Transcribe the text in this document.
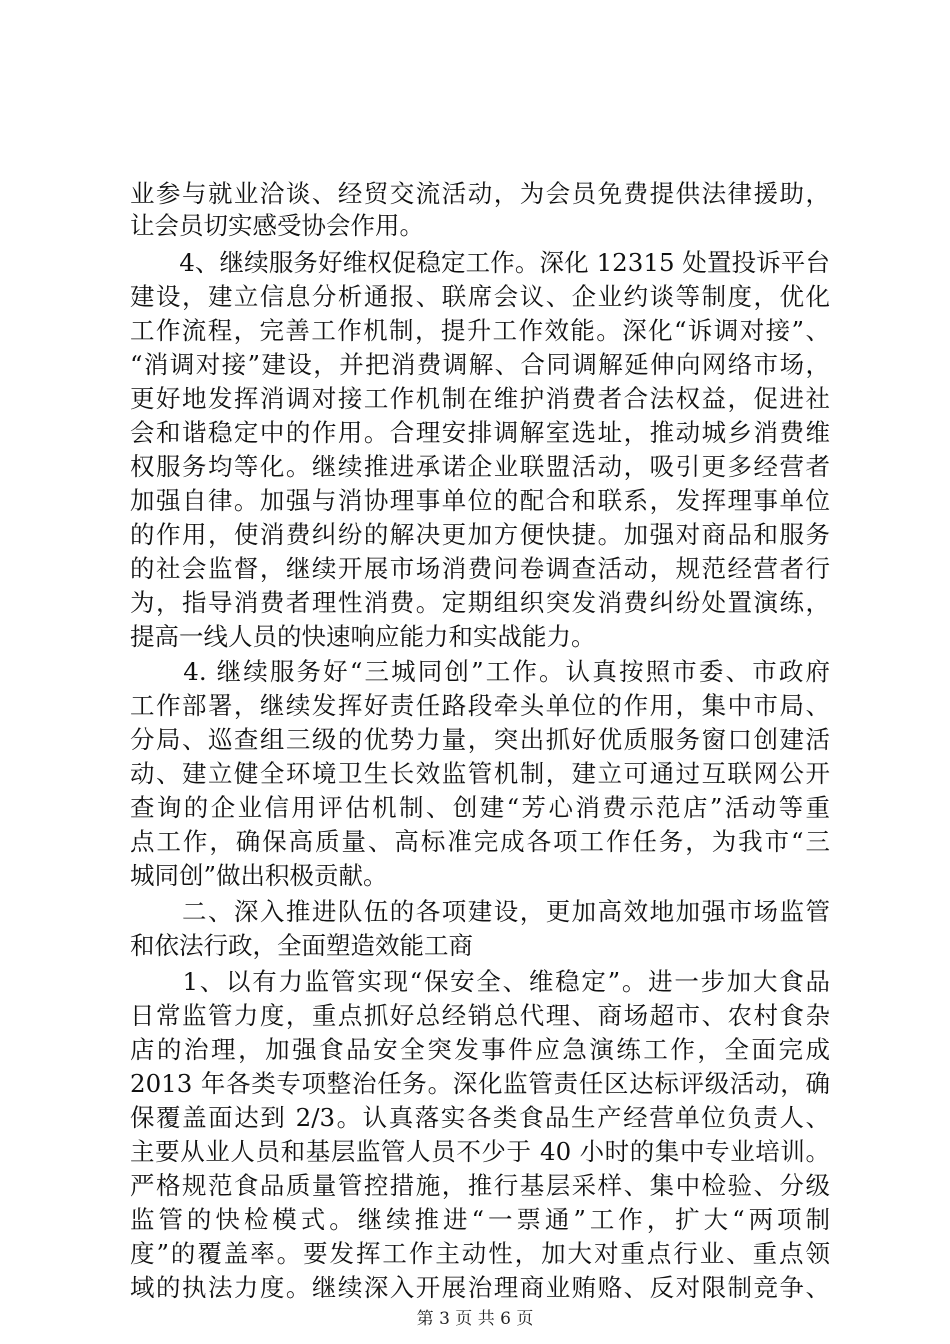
业参与就业洽谈、经贸交流活动，为会员免费提供法律援助，
让会员切实感受协会作用。
　　4、继续服务好维权促稳定工作。深化 12315 处置投诉平台
建设，建立信息分析通报、联席会议、企业约谈等制度，优化
工作流程，完善工作机制，提升工作效能。深化“诉调对接”、
“消调对接”建设，并把消费调解、合同调解延伸向网络市场，
更好地发挥消调对接工作机制在维护消费者合法权益，促进社
会和谐稳定中的作用。合理安排调解室选址，推动城乡消费维
权服务均等化。继续推进承诺企业联盟活动，吸引更多经营者
加强自律。加强与消协理事单位的配合和联系，发挥理事单位
的作用，使消费纠纷的解决更加方便快捷。加强对商品和服务
的社会监督，继续开展市场消费问卷调查活动，规范经营者行
为，指导消费者理性消费。定期组织突发消费纠纷处置演练，
提高一线人员的快速响应能力和实战能力。
　　4. 继续服务好“三城同创”工作。认真按照市委、市政府
工作部署，继续发挥好责任路段牵头单位的作用，集中市局、
分局、巡查组三级的优势力量，突出抓好优质服务窗口创建活
动、建立健全环境卫生长效监管机制，建立可通过互联网公开
查询的企业信用评估机制、创建“芳心消费示范店”活动等重
点工作，确保高质量、高标准完成各项工作任务，为我市“三
城同创”做出积极贡献。
　　二、深入推进队伍的各项建设，更加高效地加强市场监管
和依法行政，全面塑造效能工商
　　1、以有力监管实现“保安全、维稳定”。进一步加大食品
日常监管力度，重点抓好总经销总代理、商场超市、农村食杂
店的治理，加强食品安全突发事件应急演练工作，全面完成
2013 年各类专项整治任务。深化监管责任区达标评级活动，确
保覆盖面达到 2/3。认真落实各类食品生产经营单位负责人、
主要从业人员和基层监管人员不少于 40 小时的集中专业培训。
严格规范食品质量管控措施，推行基层采样、集中检验、分级
监管的快检模式。继续推进“一票通”工作，扩大“两项制
度”的覆盖率。要发挥工作主动性，加大对重点行业、重点领
域的执法力度。继续深入开展治理商业贿赂、反对限制竞争、
第 3 页 共 6 页
